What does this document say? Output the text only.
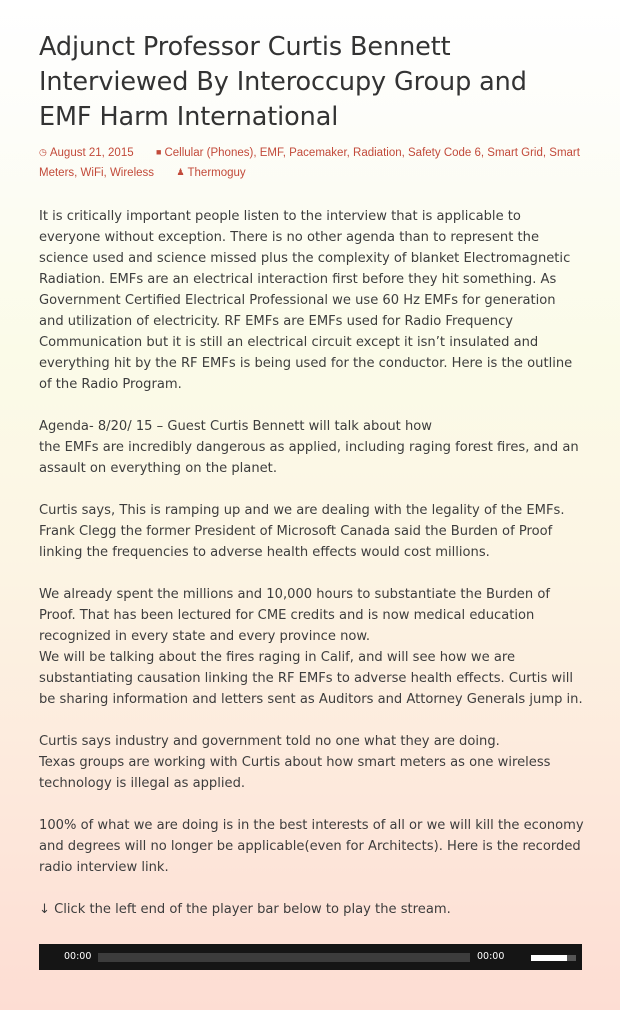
Adjunct Professor Curtis Bennett Interviewed By Interoccupy Group and EMF Harm International
◷ August 21, 2015 ■ Cellular (Phones), EMF, Pacemaker, Radiation, Safety Code 6, Smart Grid, Smart Meters, WiFi, Wireless ♟ Thermoguy

It is critically important people listen to the interview that is applicable to everyone without exception. There is no other agenda than to represent the science used and science missed plus the complexity of blanket Electromagnetic Radiation. EMFs are an electrical interaction first before they hit something. As Government Certified Electrical Professional we use 60 Hz EMFs for generation and utilization of electricity. RF EMFs are EMFs used for Radio Frequency Communication but it is still an electrical circuit except it isn’t insulated and everything hit by the RF EMFs is being used for the conductor. Here is the outline of the Radio Program.

Agenda- 8/20/ 15 – Guest Curtis Bennett will talk about how

the EMFs are incredibly dangerous as applied, including raging forest fires, and an assault on everything on the planet.

Curtis says, This is ramping up and we are dealing with the legality of the EMFs. Frank Clegg the former President of Microsoft Canada said the Burden of Proof linking the frequencies to adverse health effects would cost millions.

We already spent the millions and 10,000 hours to substantiate the Burden of Proof. That has been lectured for CME credits and is now medical education recognized in every state and every province now.

We will be talking about the fires raging in Calif, and will see how we are substantiating causation linking the RF EMFs to adverse health effects. Curtis will be sharing information and letters sent as Auditors and Attorney Generals jump in.

Curtis says industry and government told no one what they are doing.

Texas groups are working with Curtis about how smart meters as one wireless technology is illegal as applied.

100% of what we are doing is in the best interests of all or we will kill the economy and degrees will no longer be applicable(even for Architects). Here is the recorded radio interview link.

↓ Click the left end of the player bar below to play the stream.

00:00	00:00
